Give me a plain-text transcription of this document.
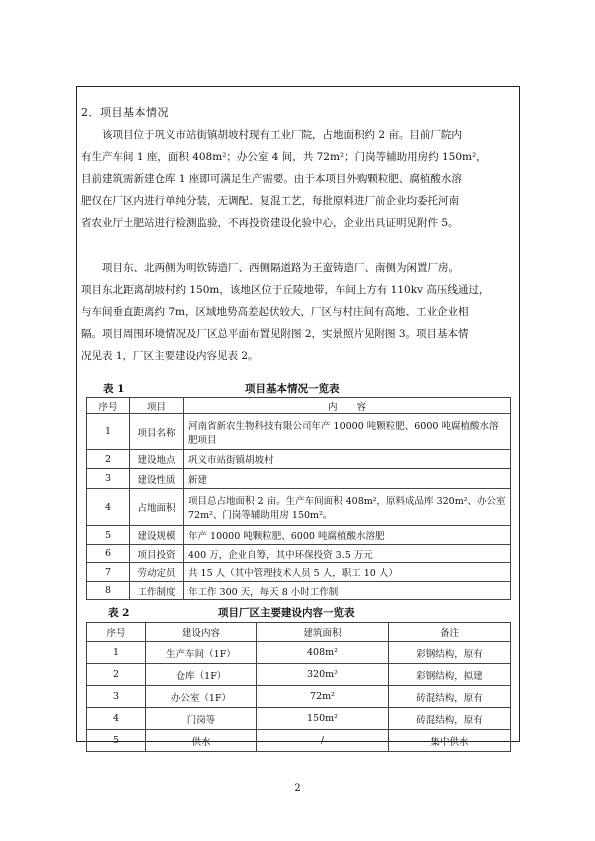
2．项目基本情况
　　该项目位于巩义市站街镇胡坡村现有工业厂院，占地面积约 2 亩。目前厂院内
有生产车间 1 座，面积 408m²；办公室 4 间，共 72m²；门岗等辅助用房约 150m²，
目前建筑需新建仓库 1 座即可满足生产需要。由于本项目外购颗粒肥、腐植酸水溶
肥仅在厂区内进行单纯分装，无调配、复混工艺，每批原料进厂前企业均委托河南
省农业厅土肥站进行检测监验，不再投资建设化验中心，企业出具证明见附件 5。
　　项目东、北两侧为明钦铸造厂、西侧隔道路为王蛮铸造厂、南侧为闲置厂房。
项目东北距离胡坡村约 150m，该地区位于丘陵地带，车间上方有 110kv 高压线通过，
与车间垂直距离约 7m，区域地势高差起伏较大，厂区与村庄间有高地、工业企业相
隔。项目周围环境情况及厂区总平面布置见附图 2，实景照片见附图 3。项目基本情
况见表 1，厂区主要建设内容见表 2。
表 1	项目基本情况一览表
序号	项目	内　　容
1	项目名称	河南省新农生物科技有限公司年产 10000 吨颗粒肥、6000 吨腐植酸水溶肥项目
2	建设地点	巩义市站街镇胡坡村
3	建设性质	新建
4	占地面积	项目总占地面积 2 亩。生产车间面积 408m²，原料成品库 320m²、办公室 72m²、门岗等辅助用房 150m²。
5	建设规模	年产 10000 吨颗粒肥、6000 吨腐植酸水溶肥
6	项目投资	400 万，企业自筹，其中环保投资 3.5 万元
7	劳动定员	共 15 人（其中管理技术人员 5 人，职工 10 人）
8	工作制度	年工作 300 天，每天 8 小时工作制
表 2	项目厂区主要建设内容一览表
序号	建设内容	建筑面积	备注
1	生产车间（1F）	408m²	彩钢结构，原有
2	仓库（1F）	320m²	彩钢结构，拟建
3	办公室（1F）	72m²	砖混结构，原有
4	门岗等	150m²	砖混结构，原有
5	供水	/	集中供水
2
